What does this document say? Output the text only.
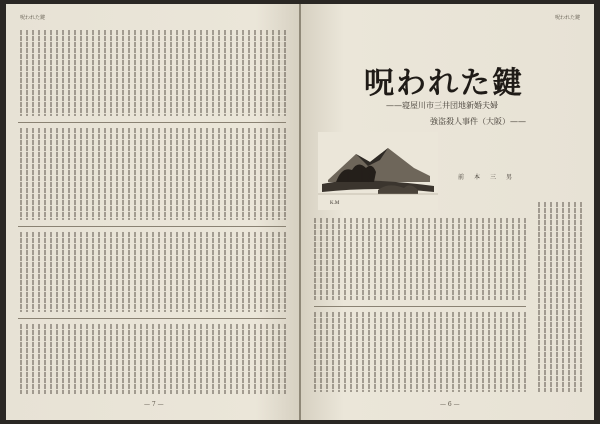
呪われた鍵
— 7 —
呪われた鍵
K.M
呪われた鍵
——寝屋川市三井団地新婚夫婦
強盗殺人事件（大阪）——
前　本　三　男
— 6 —
